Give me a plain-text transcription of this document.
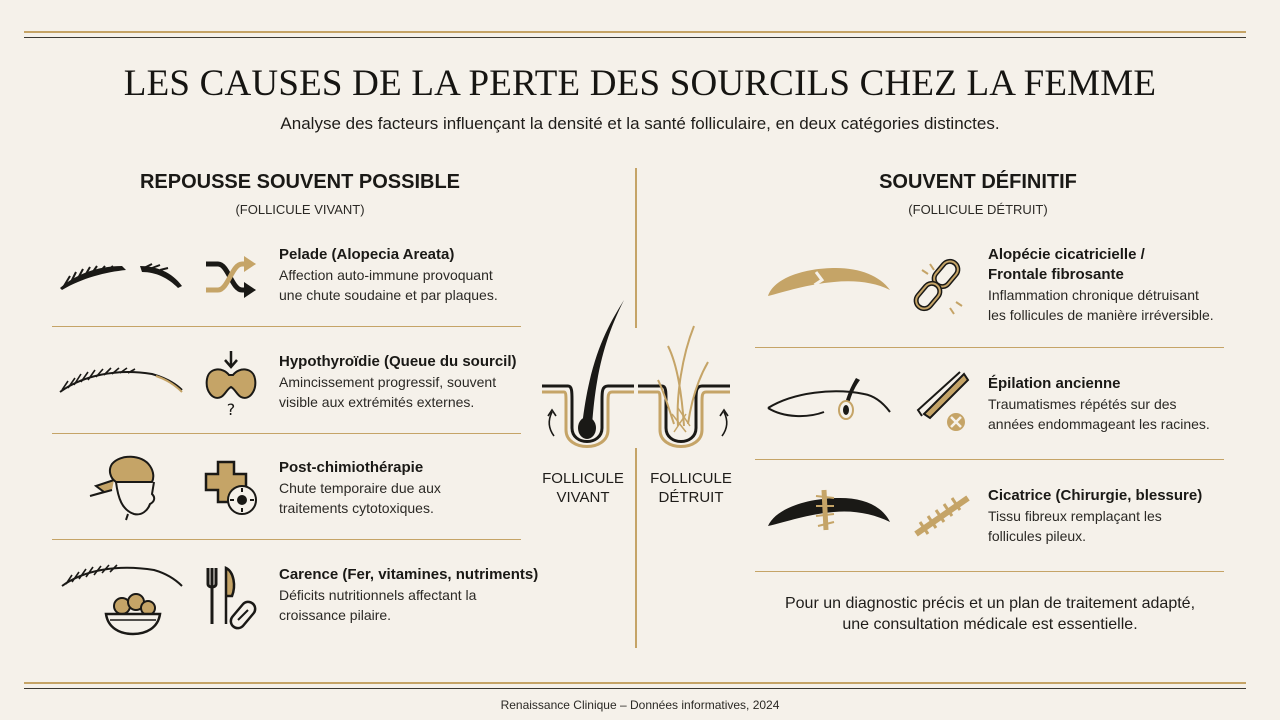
LES CAUSES DE LA PERTE DES SOURCILS CHEZ LA FEMME
Analyse des facteurs influençant la densité et la santé folliculaire, en deux catégories distinctes.
REPOUSSE SOUVENT POSSIBLE
(FOLLICULE VIVANT)
SOUVENT DÉFINITIF
(FOLLICULE DÉTRUIT)
Pelade (Alopecia Areata)
Affection auto-immune provoquant
une chute soudaine et par plaques.
?
Hypothyroïdie (Queue du sourcil)
Amincissement progressif, souvent
visible aux extrémités externes.
Post-chimiothérapie
Chute temporaire due aux
traitements cytotoxiques.
Carence (Fer, vitamines, nutriments)
Déficits nutritionnels affectant la
croissance pilaire.
FOLLICULE
VIVANT
FOLLICULE
DÉTRUIT
Alopécie cicatricielle /
Frontale fibrosante
Inflammation chronique détruisant
les follicules de manière irréversible.
Épilation ancienne
Traumatismes répétés sur des
années endommageant les racines.
Cicatrice (Chirurgie, blessure)
Tissu fibreux remplaçant les
follicules pileux.
Pour un diagnostic précis et un plan de traitement adapté,
une consultation médicale est essentielle.
Renaissance Clinique – Données informatives, 2024
